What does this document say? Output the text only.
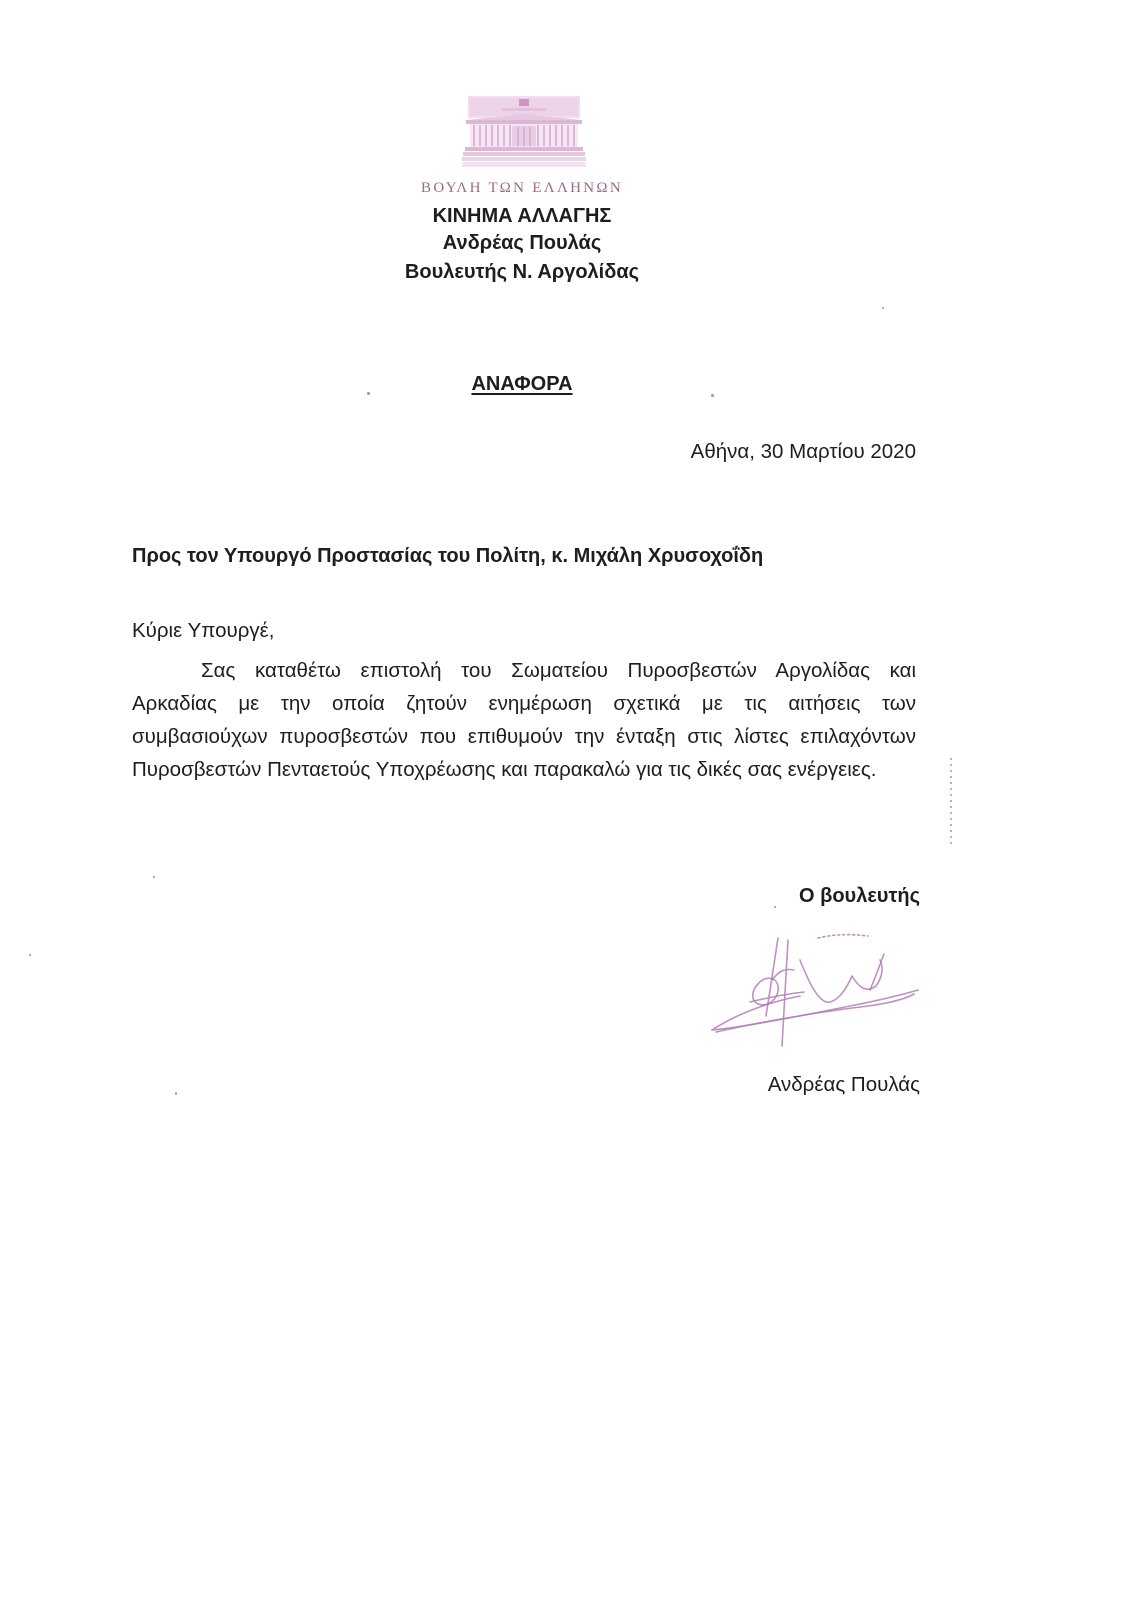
ΒΟΥΛΗ ΤΩΝ ΕΛΛΗΝΩΝ
ΚΙΝΗΜΑ ΑΛΛΑΓΗΣ
Ανδρέας Πουλάς
Βουλευτής Ν. Αργολίδας
ΑΝΑΦΟΡΑ
Αθήνα, 30 Μαρτίου 2020
Προς τον Υπουργό Προστασίας του Πολίτη, κ. Μιχάλη Χρυσοχοΐδη
Κύριε Υπουργέ,
Σας καταθέτω επιστολή του Σωματείου Πυροσβεστών Αργολίδας και
Αρκαδίας με την οποία ζητούν ενημέρωση σχετικά με τις αιτήσεις των
συμβασιούχων πυροσβεστών που επιθυμούν την ένταξη στις λίστες επιλαχόντων
Πυροσβεστών Πενταετούς Υποχρέωσης και παρακαλώ για τις δικές σας ενέργειες.
Ο βουλευτής
Ανδρέας Πουλάς
